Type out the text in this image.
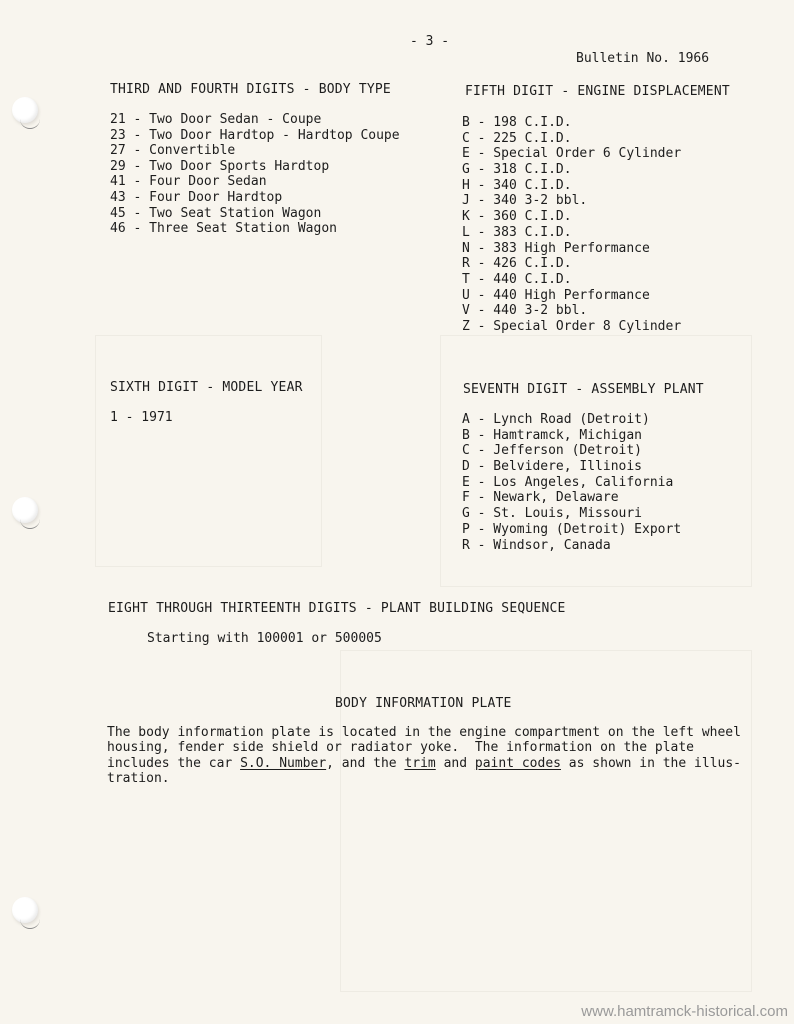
- 3 -
Bulletin No. 1966
THIRD AND FOURTH DIGITS - BODY TYPE
21 - Two Door Sedan - Coupe
23 - Two Door Hardtop - Hardtop Coupe
27 - Convertible
29 - Two Door Sports Hardtop
41 - Four Door Sedan
43 - Four Door Hardtop
45 - Two Seat Station Wagon
46 - Three Seat Station Wagon
FIFTH DIGIT - ENGINE DISPLACEMENT
B - 198 C.I.D.
C - 225 C.I.D.
E - Special Order 6 Cylinder
G - 318 C.I.D.
H - 340 C.I.D.
J - 340 3-2 bbl.
K - 360 C.I.D.
L - 383 C.I.D.
N - 383 High Performance
R - 426 C.I.D.
T - 440 C.I.D.
U - 440 High Performance
V - 440 3-2 bbl.
Z - Special Order 8 Cylinder
SIXTH DIGIT - MODEL YEAR
1 - 1971
SEVENTH DIGIT - ASSEMBLY PLANT
A - Lynch Road (Detroit)
B - Hamtramck, Michigan
C - Jefferson (Detroit)
D - Belvidere, Illinois
E - Los Angeles, California
F - Newark, Delaware
G - St. Louis, Missouri
P - Wyoming (Detroit) Export
R - Windsor, Canada
EIGHT THROUGH THIRTEENTH DIGITS - PLANT BUILDING SEQUENCE
Starting with 100001 or 500005
BODY INFORMATION PLATE
The body information plate is located in the engine compartment on the left wheel
housing, fender side shield or radiator yoke.  The information on the plate
includes the car S.O. Number, and the trim and paint codes as shown in the illus-
tration.
www.hamtramck-historical.com
